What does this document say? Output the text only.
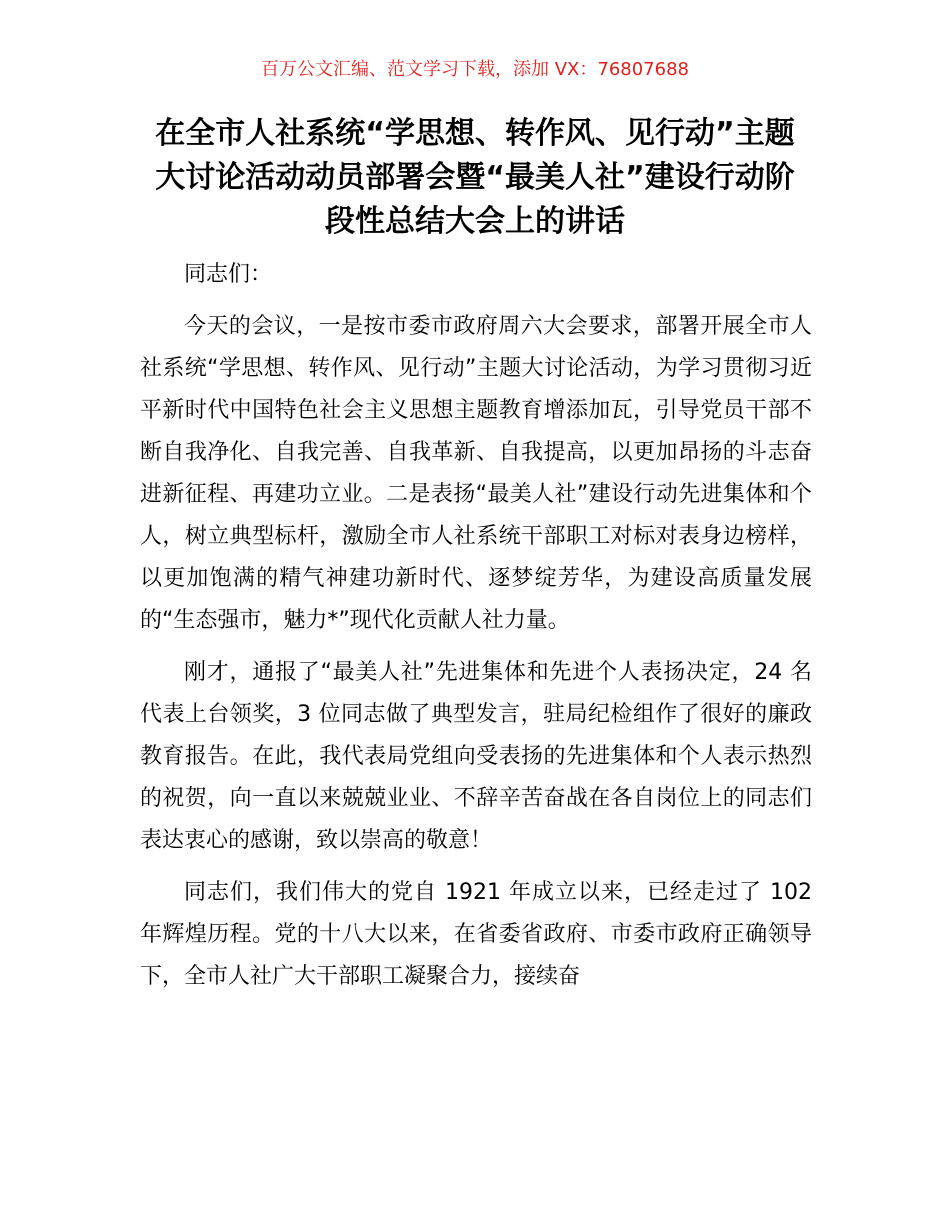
百万公文汇编、范文学习下载，添加 VX：76807688
在全市人社系统“学思想、转作风、见行动”主题大讨论活动动员部署会暨“最美人社”建设行动阶段性总结大会上的讲话

同志们：

今天的会议，一是按市委市政府周六大会要求，部署开展全市人社系统“学思想、转作风、见行动”主题大讨论活动，为学习贯彻习近平新时代中国特色社会主义思想主题教育增添加瓦，引导党员干部不断自我净化、自我完善、自我革新、自我提高，以更加昂扬的斗志奋进新征程、再建功立业。二是表扬“最美人社”建设行动先进集体和个人，树立典型标杆，激励全市人社系统干部职工对标对表身边榜样，以更加饱满的精气神建功新时代、逐梦绽芳华，为建设高质量发展的“生态强市，魅力*”现代化贡献人社力量。

刚才，通报了“最美人社”先进集体和先进个人表扬决定，24 名代表上台领奖，3 位同志做了典型发言，驻局纪检组作了很好的廉政教育报告。在此，我代表局党组向受表扬的先进集体和个人表示热烈的祝贺，向一直以来兢兢业业、不辞辛苦奋战在各自岗位上的同志们表达衷心的感谢，致以崇高的敬意！

同志们，我们伟大的党自 1921 年成立以来，已经走过了 102 年辉煌历程。党的十八大以来，在省委省政府、市委市政府正确领导下，全市人社广大干部职工凝聚合力，接续奋
